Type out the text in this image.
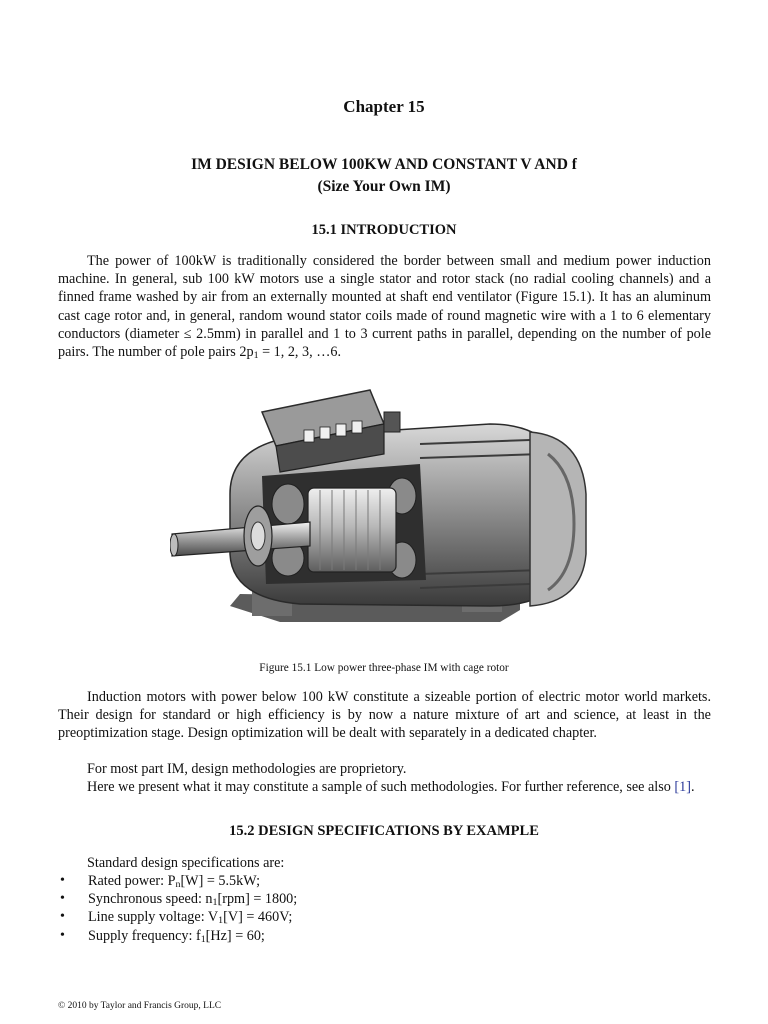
Chapter 15
IM DESIGN BELOW 100KW AND CONSTANT V AND f
(Size Your Own IM)
15.1 INTRODUCTION

The power of 100kW is traditionally considered the border between small and medium power induction machine. In general, sub 100 kW motors use a single stator and rotor stack (no radial cooling channels) and a finned frame washed by air from an externally mounted at shaft end ventilator (Figure 15.1). It has an aluminum cast cage rotor and, in general, random wound stator coils made of round magnetic wire with a 1 to 6 elementary conductors (diameter ≤ 2.5mm) in parallel and 1 to 3 current paths in parallel, depending on the number of pole pairs. The number of pole pairs $2p_1 = 1$, 2, 3, …6.

Figure 15.1 Low power three-phase IM with cage rotor

Induction motors with power below 100 kW constitute a sizeable portion of electric motor world markets. Their design for standard or high efficiency is by now a nature mixture of art and science, at least in the preoptimization stage. Design optimization will be dealt with separately in a dedicated chapter.

For most part IM, design methodologies are proprietory.

Here we present what it may constitute a sample of such methodologies. For further reference, see also [1].

15.2 DESIGN SPECIFICATIONS BY EXAMPLE

Standard design specifications are:

• Rated power: $P_n[W] = 5.5kW$;
• Synchronous speed: $n_1[rpm] = 1800$;
• Line supply voltage: $V_1[V] = 460V$;
• Supply frequency: $f_1[Hz] = 60$;
© 2010 by Taylor and Francis Group, LLC
